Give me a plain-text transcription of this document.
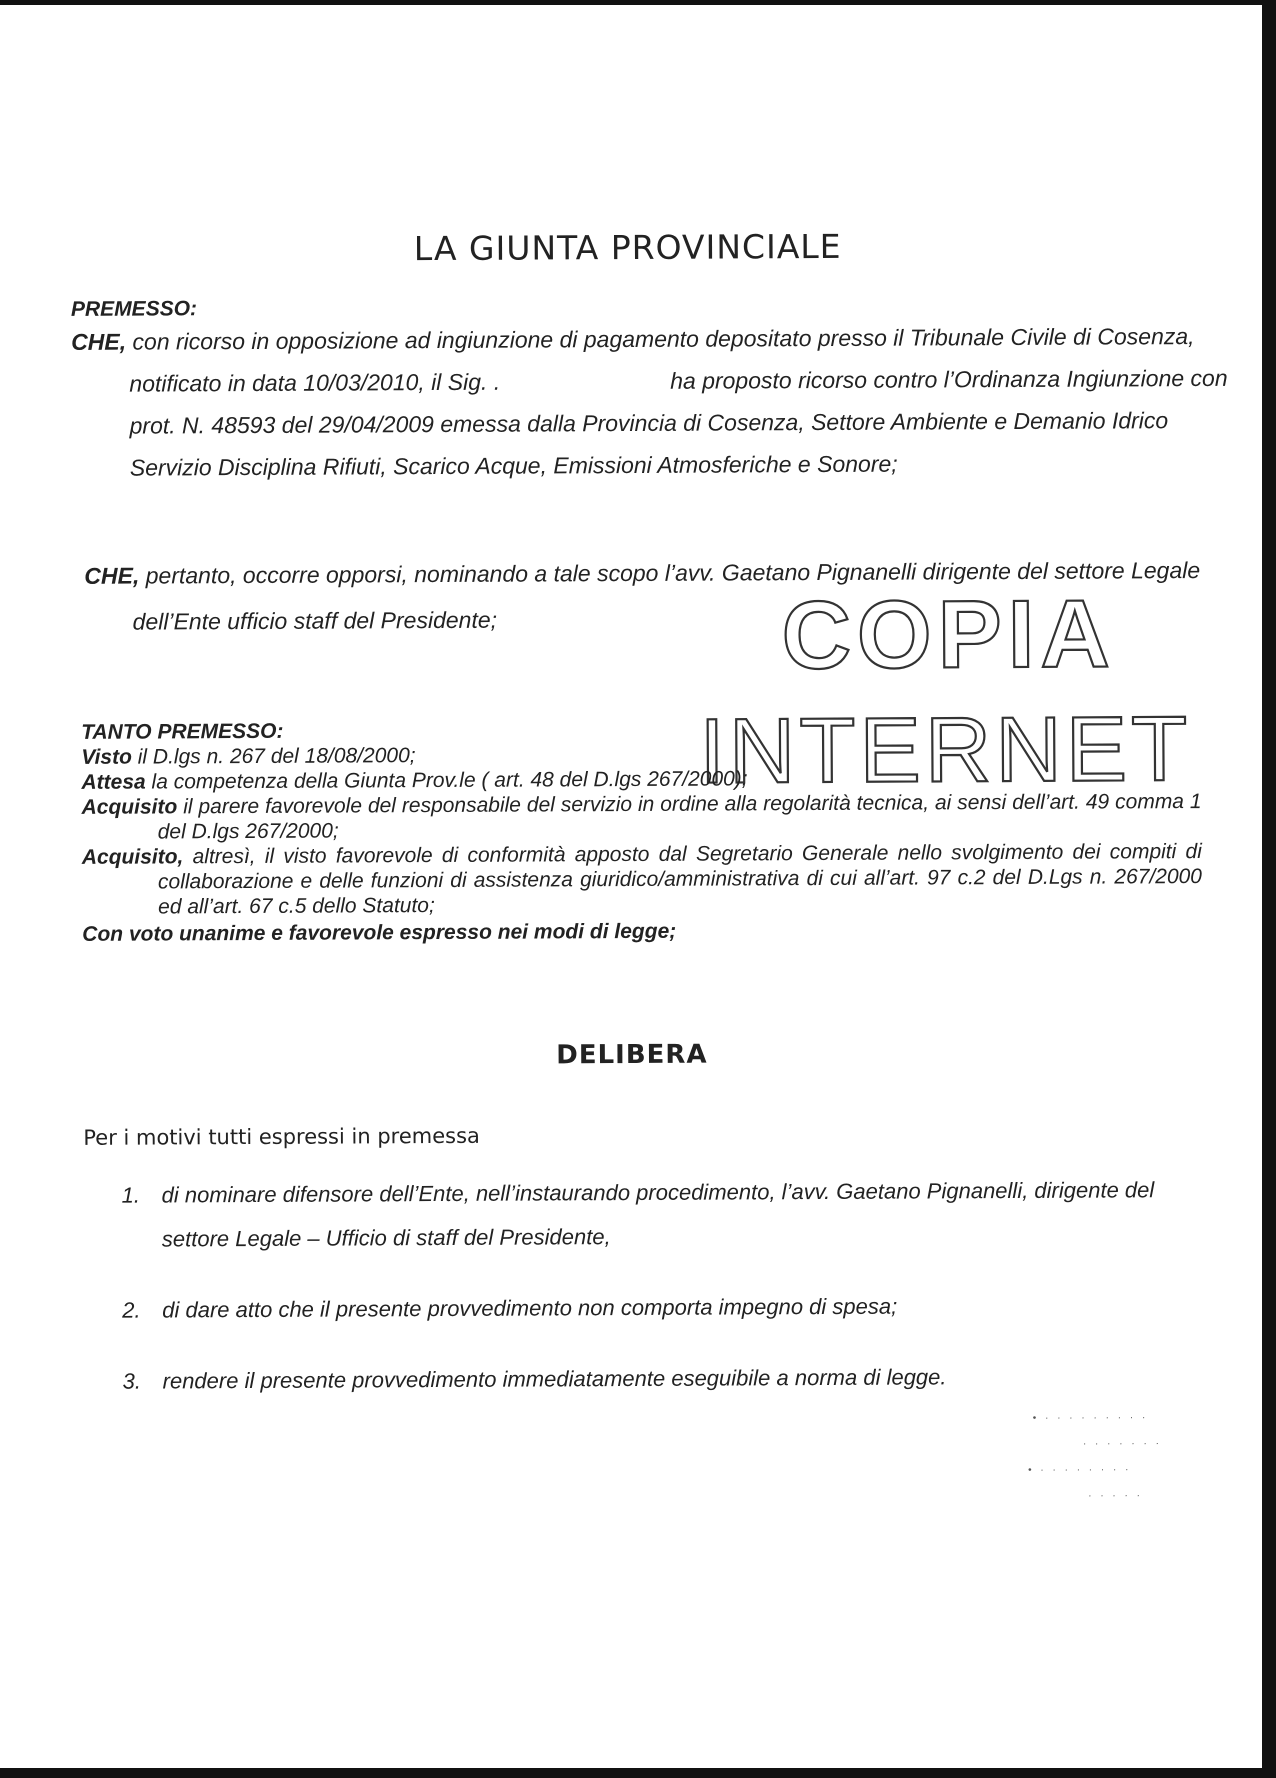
LA GIUNTA PROVINCIALE
PREMESSO:

CHE, con ricorso in opposizione ad ingiunzione di pagamento depositato presso il Tribunale Civile di Cosenza, notificato in data 10/03/2010, il Sig. .	ha proposto ricorso contro l’Ordinanza Ingiunzione con prot. N. 48593 del 29/04/2009 emessa dalla Provincia di Cosenza, Settore Ambiente e Demanio Idrico Servizio Disciplina Rifiuti, Scarico Acque, Emissioni Atmosferiche e Sonore;

CHE, pertanto, occorre opporsi, nominando a tale scopo l’avv. Gaetano Pignanelli dirigente del settore Legale dell’Ente ufficio staff del Presidente;	COPIA
INTERNET

TANTO PREMESSO:

Visto il D.lgs n. 267 del 18/08/2000;

Attesa la competenza della Giunta Prov.le ( art. 48 del D.lgs 267/2000);

Acquisito il parere favorevole del responsabile del servizio in ordine alla regolarità tecnica, ai sensi dell’art. 49 comma 1 del D.lgs 267/2000;

Acquisito, altresì, il visto favorevole di conformità apposto dal Segretario Generale nello svolgimento dei compiti di collaborazione e delle funzioni di assistenza giuridico/amministrativa di cui all’art. 97 c.2 del D.Lgs n. 267/2000 ed all’art. 67 c.5 dello Statuto;

Con voto unanime e favorevole espresso nei modi di legge;

DELIBERA
Per i motivi tutti espressi in premessa
1. di nominare difensore dell’Ente, nell’instaurando procedimento, l’avv. Gaetano Pignanelli, dirigente del settore Legale – Ufficio di staff del Presidente,
2. di dare atto che il presente provvedimento non comporta impegno di spesa;
3. rendere il presente provvedimento immediatamente eseguibile a norma di legge.
• · · · · · · · · ·
· · · · · · ·
• · · · · · · · ·
· · · · ·
